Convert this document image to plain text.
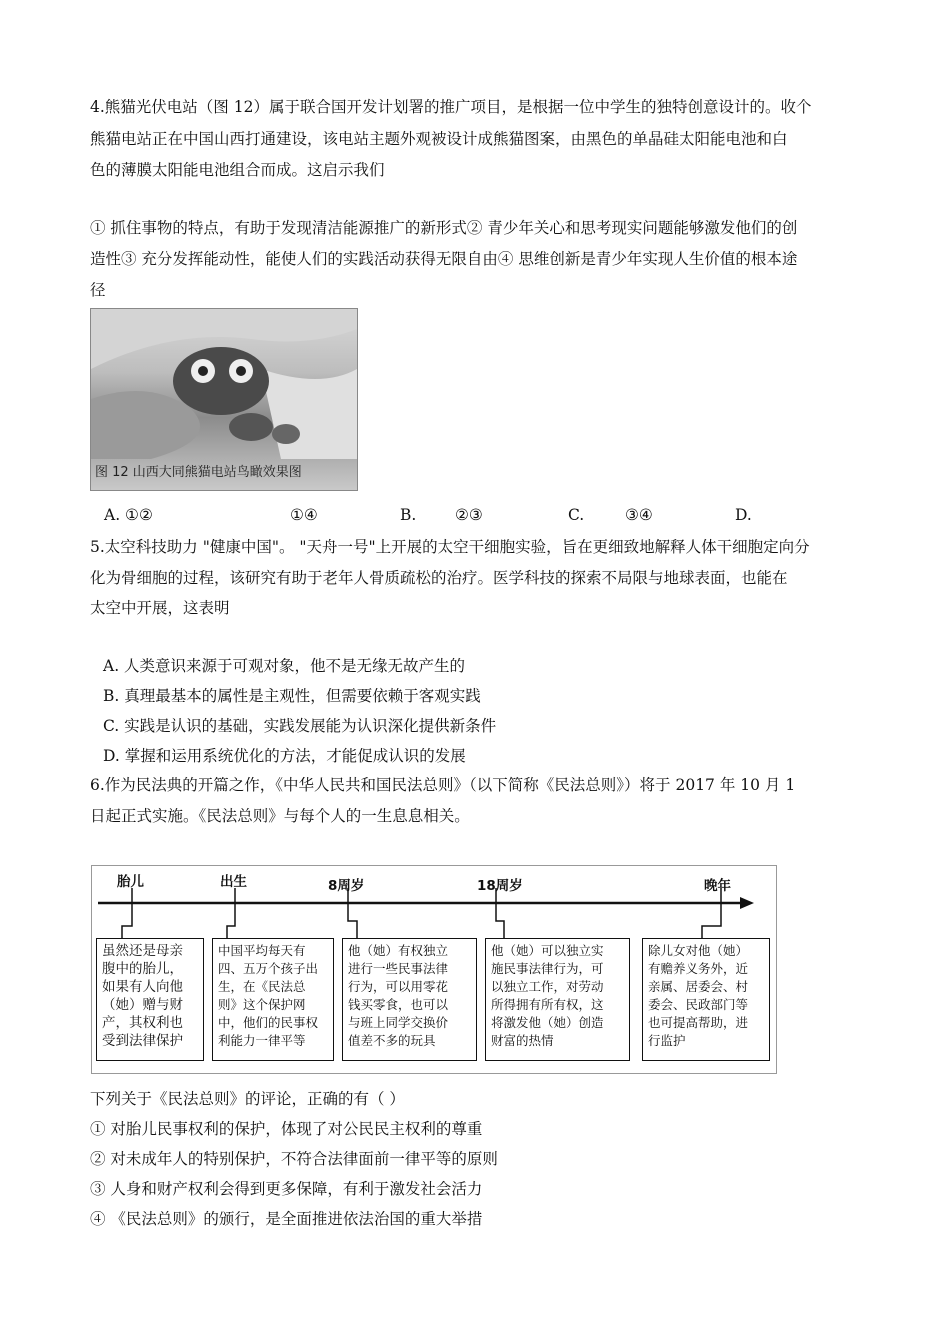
4.熊猫光伏电站（图 12）属于联合国开发计划署的推广项目，是根据一位中学生的独特创意设计的。收个
熊猫电站正在中国山西打通建设，该电站主题外观被设计成熊猫图案，由黑色的单晶硅太阳能电池和白
色的薄膜太阳能电池组合而成。这启示我们
① 抓住事物的特点，有助于发现清洁能源推广的新形式② 青少年关心和思考现实问题能够激发他们的创
造性③ 充分发挥能动性，能使人们的实践活动获得无限自由④ 思维创新是青少年实现人生价值的根本途
径
图 12 山西大同熊猫电站鸟瞰效果图
A. ①②	①④	B. ②③	C.	③④	D.
5.太空科技助力 "健康中国"。 "天舟一号"上开展的太空干细胞实验，旨在更细致地解释人体干细胞定向分
化为骨细胞的过程，该研究有助于老年人骨质疏松的治疗。医学科技的探索不局限与地球表面，也能在
太空中开展，这表明
A. 人类意识来源于可观对象，他不是无缘无故产生的
B. 真理最基本的属性是主观性，但需要依赖于客观实践
C. 实践是认识的基础，实践发展能为认识深化提供新条件
D. 掌握和运用系统优化的方法，才能促成认识的发展
6.作为民法典的开篇之作，《中华人民共和国民法总则》（以下简称《民法总则》）将于 2017 年 10 月 1
日起正式实施。《民法总则》与每个人的一生息息相关。
胎儿	出生	8周岁	18周岁	晚年
虽然还是母亲
腹中的胎儿，
如果有人向他
（她）赠与财
产，其权利也
受到法律保护
中国平均每天有
四、五万个孩子出
生，在《民法总
则》这个保护网
中，他们的民事权
利能力一律平等
他（她）有权独立
进行一些民事法律
行为，可以用零花
钱买零食，也可以
与班上同学交换价
值差不多的玩具
他（她）可以独立实
施民事法律行为，可
以独立工作，对劳动
所得拥有所有权，这
将激发他（她）创造
财富的热情
除儿女对他（她）
有赡养义务外，近
亲属、居委会、村
委会、民政部门等
也可提高帮助，进
行监护
下列关于《民法总则》的评论，正确的有（ ）
① 对胎儿民事权利的保护，体现了对公民民主权利的尊重
② 对未成年人的特别保护，不符合法律面前一律平等的原则
③ 人身和财产权利会得到更多保障，有利于激发社会活力
④ 《民法总则》的颁行，是全面推进依法治国的重大举措
